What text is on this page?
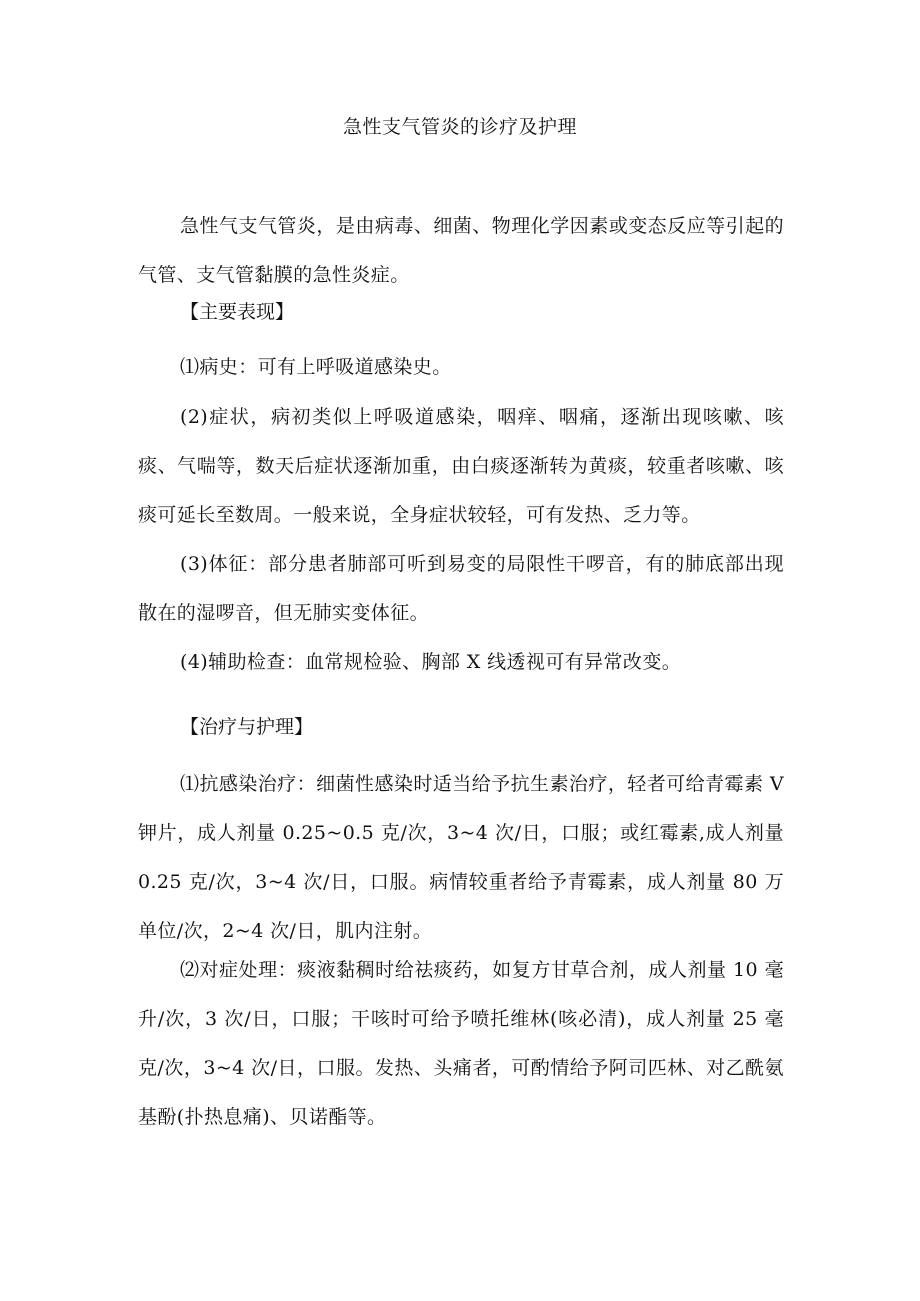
急性支气管炎的诊疗及护理

急性气支气管炎，是由病毒、细菌、物理化学因素或变态反应等引起的气管、支气管黏膜的急性炎症。

【主要表现】

⑴病史：可有上呼吸道感染史。

(2)症状，病初类似上呼吸道感染，咽痒、咽痛，逐渐出现咳嗽、咳痰、气喘等，数天后症状逐渐加重，由白痰逐渐转为黄痰，较重者咳嗽、咳痰可延长至数周。一般来说，全身症状较轻，可有发热、乏力等。

(3)体征：部分患者肺部可听到易变的局限性干啰音，有的肺底部出现散在的湿啰音，但无肺实变体征。

(4)辅助检查：血常规检验、胸部 X 线透视可有异常改变。

【治疗与护理】

⑴抗感染治疗：细菌性感染时适当给予抗生素治疗，轻者可给青霉素 V 钾片，成人剂量 0.25~0.5 克/次，3~4 次/日，口服；或红霉素,成人剂量 0.25 克/次，3~4 次/日，口服。病情较重者给予青霉素，成人剂量 80 万单位/次，2~4 次/日，肌内注射。

⑵对症处理：痰液黏稠时给祛痰药，如复方甘草合剂，成人剂量 10 毫升/次，3 次/日，口服；干咳时可给予喷托维林(咳必清)，成人剂量 25 毫克/次，3~4 次/日，口服。发热、头痛者，可酌情给予阿司匹林、对乙酰氨基酚(扑热息痛)、贝诺酯等。
